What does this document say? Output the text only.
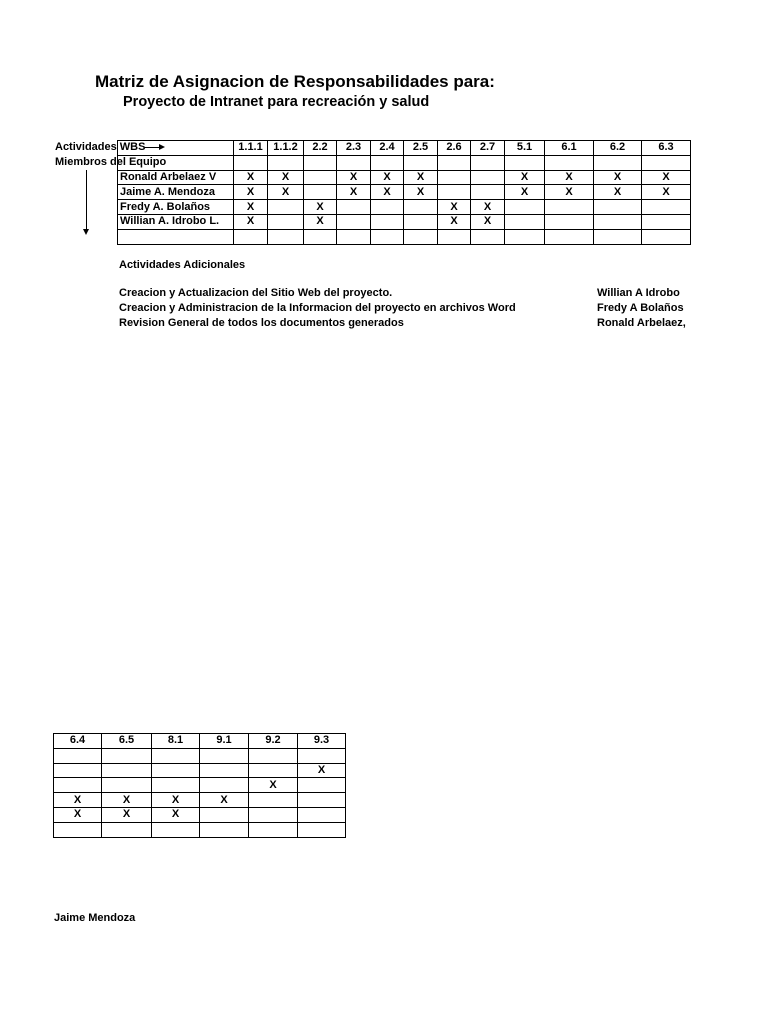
Matriz de Asignacion de Responsabilidades para:
Proyecto de Intranet para recreación y salud
Actividades WBS
Miembros del Equipo
	1.1.1	1.1.2	2.2	2.3	2.4	2.5	2.6	2.7	5.1	6.1	6.2	6.3

Ronald Arbelaez V	X	X		X	X	X			X	X	X	X
Jaime A. Mendoza	X	X		X	X	X			X	X	X	X
Fredy A. Bolaños	X		X				X	X				
Willian A. Idrobo L.	X		X				X	X				

Actividades Adicionales
Creacion y Actualizacion del Sitio Web del proyecto.	Willian A Idrobo
Creacion y Administracion de la Informacion del proyecto en archivos Word	Fredy A Bolaños
Revision General de todos los documentos generados	Ronald Arbelaez,
6.4	6.5	8.1	9.1	9.2	9.3

					X
				X	
X	X	X	X		
X	X	X			

Jaime Mendoza
